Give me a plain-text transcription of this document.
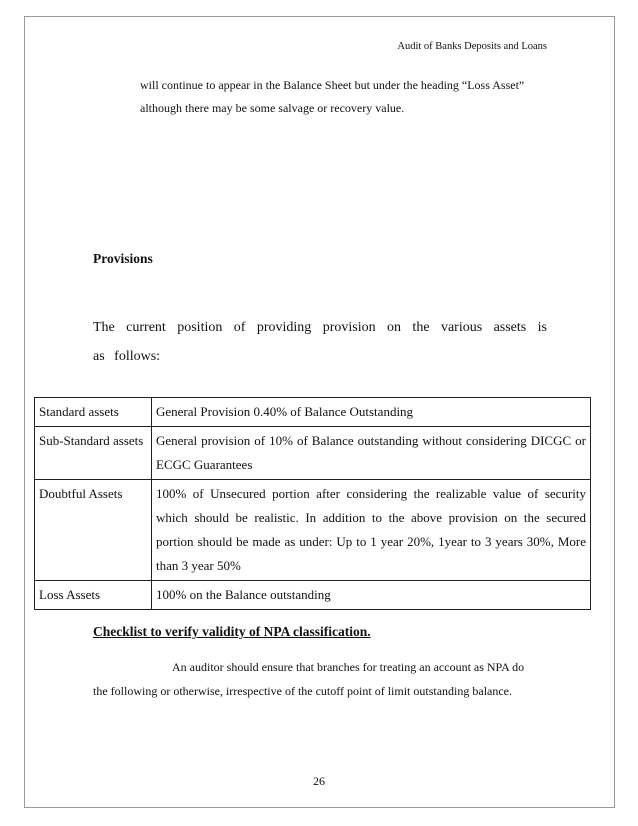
Audit of Banks Deposits and Loans
will continue to appear in the Balance Sheet but under the heading “Loss Asset”
although there may be some salvage or recovery value.
Provisions
The current position of providing provision on the various assets is as follows:
Standard assets	General Provision 0.40% of Balance Outstanding
Sub-Standard assets	General provision of 10% of Balance outstanding without considering DICGC or ECGC Guarantees
Doubtful Assets	100% of Unsecured portion after considering the realizable value of security which should be realistic. In addition to the above provision on the secured portion should be made as under: Up to 1 year 20%, 1year to 3 years 30%, More than 3 year 50%
Loss Assets	100% on the Balance outstanding
Checklist to verify validity of NPA classification.
An auditor should ensure that branches for treating an account as NPA do
the following or otherwise, irrespective of the cutoff point of limit outstanding balance.
26
